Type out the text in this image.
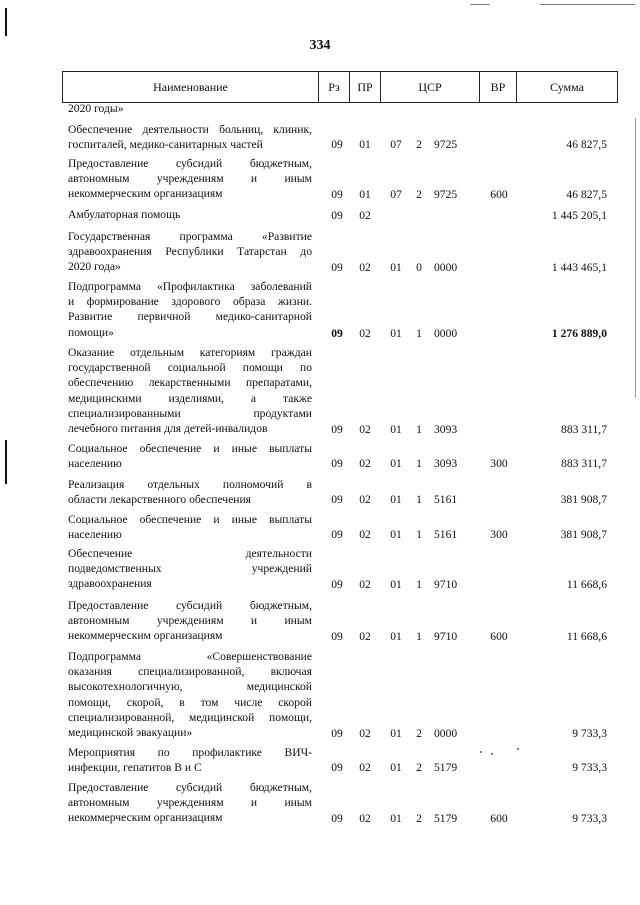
334
Наименование	Рз	ПР	ЦСР	ВР	Сумма
2020 годы»
Обеспечение деятельности больниц, клиник,
госпиталей, медико-санитарных частей	09	01	07	2	9725	46 827,5
Предоставление субсидий бюджетным,
автономным учреждениям и иным
некоммерческим организациям	09	01	07	2	9725	600	46 827,5
Амбулаторная помощь	09	02	1 445 205,1
Государственная программа «Развитие
здравоохранения Республики Татарстан до
2020 года»	09	02	01	0	0000	1 443 465,1
Подпрограмма «Профилактика заболеваний
и формирование здорового образа жизни.
Развитие первичной медико-санитарной
помощи»	09	02	01	1	0000	1 276 889,0
Оказание отдельным категориям граждан
государственной социальной помощи по
обеспечению лекарственными препаратами,
медицинскими изделиями, а также
специализированными продуктами
лечебного питания для детей-инвалидов	09	02	01	1	3093	883 311,7
Социальное обеспечение и иные выплаты
населению	09	02	01	1	3093	300	883 311,7
Реализация отдельных полномочий в
области лекарственного обеспечения	09	02	01	1	5161	381 908,7
Социальное обеспечение и иные выплаты
населению	09	02	01	1	5161	300	381 908,7
Обеспечение деятельности
подведомственных учреждений
здравоохранения	09	02	01	1	9710	11 668,6
Предоставление субсидий бюджетным,
автономным учреждениям и иным
некоммерческим организациям	09	02	01	1	9710	600	11 668,6
Подпрограмма «Совершенствование
оказания специализированной, включая
высокотехнологичную, медицинской
помощи, скорой, в том числе скорой
специализированной, медицинской помощи,
медицинской эвакуации»	09	02	01	2	0000	9 733,3
Мероприятия по профилактике ВИЧ-
инфекции, гепатитов В и С	09	02	01	2	5179	9 733,3
Предоставление субсидий бюджетным,
автономным учреждениям и иным
некоммерческим организациям	09	02	01	2	5179	600	9 733,3
